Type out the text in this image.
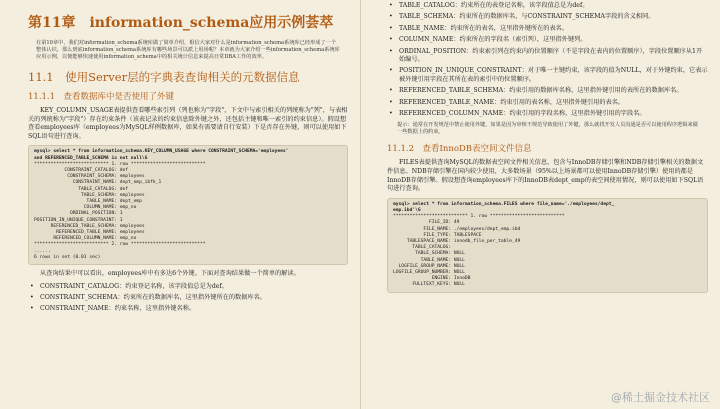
第11章　information_schema应用示例荟萃
在第10章中，我们对information_schema系统库做了简单介绍，相信大家对什么是information_schema系统库已经形成了一个整体认识，那么到底information_schema系统库有哪些场景可以派上用场呢？本章就为大家介绍一些information_schema系统库应用示例，以便能够快速使用information_schema中的相关统计信息来提高日常DBA工作的效率。
11.1　使用Server层的字典表查询相关的元数据信息
11.1.1　查看数据库中是否使用了外键
KEY_COLUMN_USAGE表提供查看哪些索引列（列也称为"字段"，下文中与索引相关的列统称为"列"，与表相关的列统称为"字段"）存在约束条件（该表记录的约束信息除外键之外，还包括主键和唯一索引的约束信息）。假设想查看employees库（employees为MySQL样例数据库，如果有需要请自行安装）下是否存在外键，则可以使用如下SQL语句进行查询。
mysql> select * from information_schema.KEY_COLUMN_USAGE where CONSTRAINT_SCHEMA='employees'
and REFERENCED_TABLE_SCHEMA is not null\G
*************************** 1. row ***************************
CONSTRAINT_CATALOG: def
CONSTRAINT_SCHEMA: employees
CONSTRAINT_NAME: dept_emp_ibfk_1
TABLE_CATALOG: def
TABLE_SCHEMA: employees
TABLE_NAME: dept_emp
COLUMN_NAME: emp_no
ORDINAL_POSITION: 1
POSITION_IN_UNIQUE_CONSTRAINT: 1
REFERENCED_TABLE_SCHEMA: employees
REFERENCED_TABLE_NAME: employees
REFERENCED_COLUMN_NAME: emp_no
*************************** 2. row ***************************
......
6 rows in set (0.01 sec)
从查询结果中可以看出，employees库中有多达6个外键。下面对查询结果做一个简单的解读。
• CONSTRAINT_CATALOG：约束登记名称，该字段值总是为def。
• CONSTRAINT_SCHEMA：约束所在的数据库名，这里指外键所在的数据库名。
• CONSTRAINT_NAME：约束名称，这里指外键名称。
• TABLE_CATALOG：约束所在的表登记名称，该字段值总是为def。
• TABLE_SCHEMA：约束所在的数据库名，与CONSTRAINT_SCHEMA字段的含义相同。
• TABLE_NAME：约束所在的表名，这里指外键所在的表名。
• COLUMN_NAME：约束所在的字段名（索引列），这里指外键列。
• ORDINAL_POSITION：约束索引列在约束内的位置顺序（不是字段在表内的位置顺序），字段位置顺序从1开始编号。
• POSITION_IN_UNIQUE_CONSTRAINT：对于唯一主键约束，该字段的值为NULL，对于外键约束，它表示被外键引用字段在其所在表的索引中的位置顺序。
• REFERENCED_TABLE_SCHEMA：约束引用的数据库名称，这里指外键引用的表所在的数据库名。
• REFERENCED_TABLE_NAME：约束引用的表名称，这里指外键引用的表名。
• REFERENCED_COLUMN_NAME：约束引用的字段名称，这里指外键引用的字段名。
提示：通常在开发规范中禁止使用外键，如果是因为审核不规范导致使用了外键，那么就找开发人员沟通是否可以使用程序逻辑来做一些数据上的约束。
11.1.2　查看InnoDB表空间文件信息
FILES表提供查询MySQL的数据表空间文件相关信息，包含与InnoDB存储引擎和NDB存储引擎相关的数据文件信息。NDB存储引擎在国内较少使用，大多数场景（95%以上场景都可以使用InnoDB存储引擎）使用的都是InnoDB存储引擎。假设想查询employees库下的InnoDB表dept_emp的表空间使用情况，则可以使用如下SQL语句进行查询。
mysql> select * from information_schema.FILES where file_name='./employees/dept_
emp.ibd'\G
*************************** 1. row ***************************
FILE_ID: 49
FILE_NAME: ./employees/dept_emp.ibd
FILE_TYPE: TABLESPACE
TABLESPACE_NAME: innodb_file_per_table_49
TABLE_CATALOG:
TABLE_SCHEMA: NULL
TABLE_NAME: NULL
LOGFILE_GROUP_NAME: NULL
LOGFILE_GROUP_NUMBER: NULL
ENGINE: InnoDB
FULLTEXT_KEYS: NULL
@稀土掘金技术社区
